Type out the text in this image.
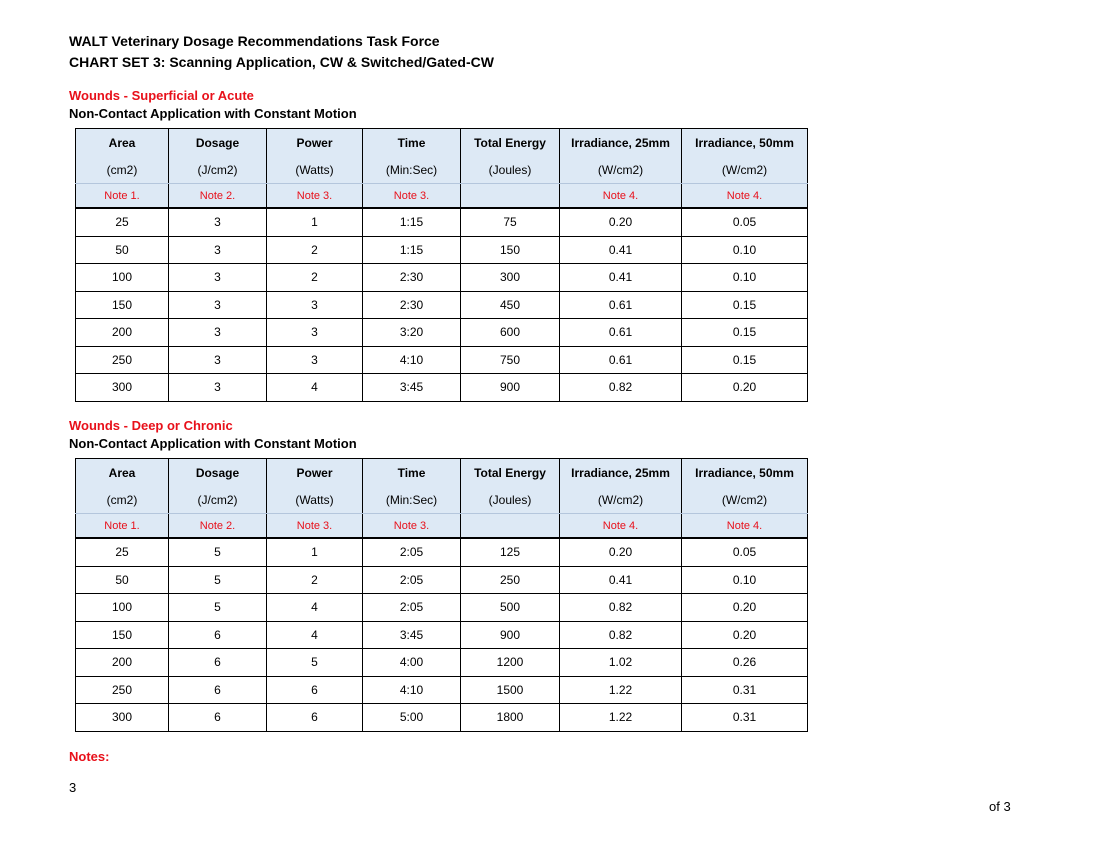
WALT Veterinary Dosage Recommendations Task Force
CHART SET 3: Scanning Application, CW & Switched/Gated-CW
Wounds - Superficial or Acute
Non-Contact Application with Constant Motion
Area	Dosage	Power	Time	Total Energy	Irradiance, 25mm	Irradiance, 50mm
(cm2)	(J/cm2)	(Watts)	(Min:Sec)	(Joules)	(W/cm2)	(W/cm2)
Note 1.	Note 2.	Note 3.	Note 3.		Note 4.	Note 4.
25	3	1	1:15	75	0.20	0.05
50	3	2	1:15	150	0.41	0.10
100	3	2	2:30	300	0.41	0.10
150	3	3	2:30	450	0.61	0.15
200	3	3	3:20	600	0.61	0.15
250	3	3	4:10	750	0.61	0.15
300	3	4	3:45	900	0.82	0.20
Wounds - Deep or Chronic
Non-Contact Application with Constant Motion
Area	Dosage	Power	Time	Total Energy	Irradiance, 25mm	Irradiance, 50mm
(cm2)	(J/cm2)	(Watts)	(Min:Sec)	(Joules)	(W/cm2)	(W/cm2)
Note 1.	Note 2.	Note 3.	Note 3.		Note 4.	Note 4.
25	5	1	2:05	125	0.20	0.05
50	5	2	2:05	250	0.41	0.10
100	5	4	2:05	500	0.82	0.20
150	6	4	3:45	900	0.82	0.20
200	6	5	4:00	1200	1.02	0.26
250	6	6	4:10	1500	1.22	0.31
300	6	6	5:00	1800	1.22	0.31
Notes:
3
of 3
